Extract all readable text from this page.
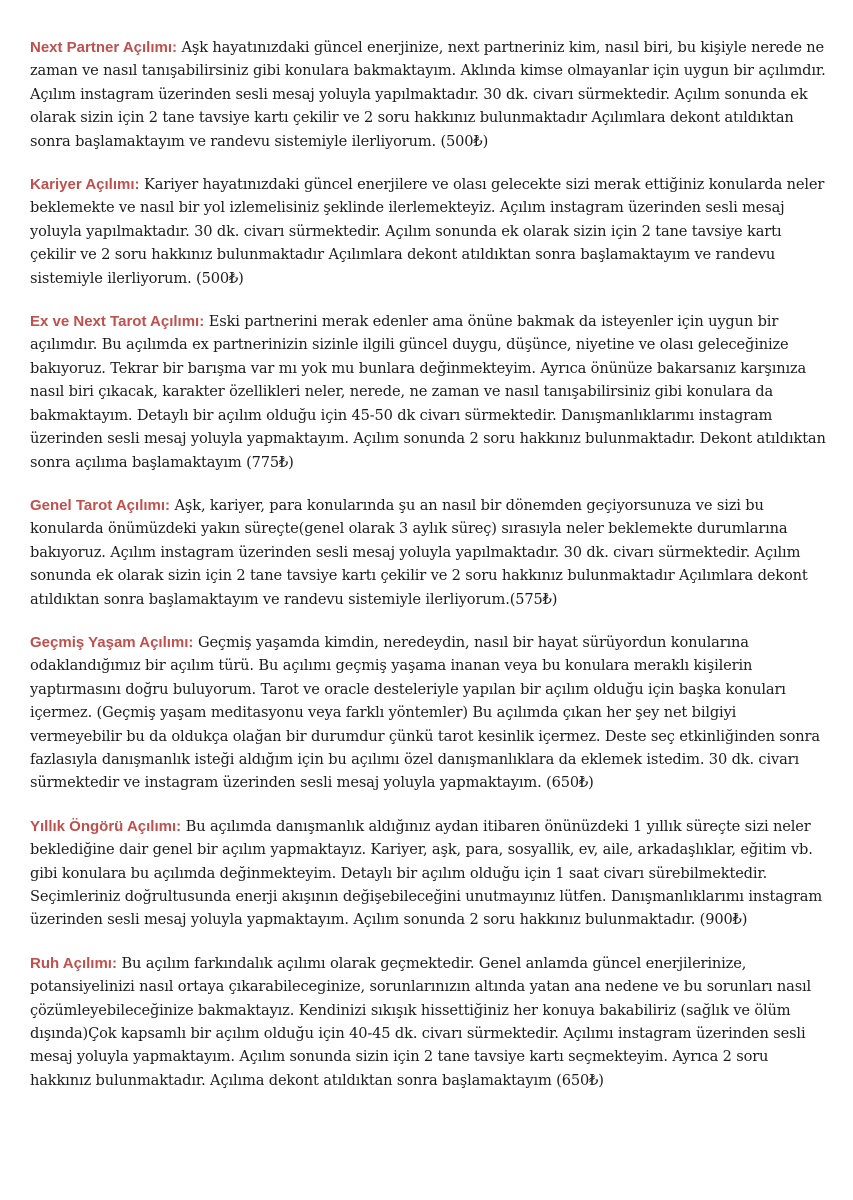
Next Partner Açılımı: Aşk hayatınızdaki güncel enerjinize, next partneriniz kim, nasıl biri, bu kişiyle nerede ne zaman ve nasıl tanışabilirsiniz gibi konulara bakmaktayım. Aklında kimse olmayanlar için uygun bir açılımdır. Açılım instagram üzerinden sesli mesaj yoluyla yapılmaktadır. 30 dk. civarı sürmektedir. Açılım sonunda ek olarak sizin için 2 tane tavsiye kartı çekilir ve 2 soru hakkınız bulunmaktadır Açılımlara dekont atıldıktan sonra başlamaktayım ve randevu sistemiyle ilerliyorum. (500₺)

Kariyer Açılımı: Kariyer hayatınızdaki güncel enerjilere ve olası gelecekte sizi merak ettiğiniz konularda neler beklemekte ve nasıl bir yol izlemelisiniz şeklinde ilerlemekteyiz. Açılım instagram üzerinden sesli mesaj yoluyla yapılmaktadır. 30 dk. civarı sürmektedir. Açılım sonunda ek olarak sizin için 2 tane tavsiye kartı çekilir ve 2 soru hakkınız bulunmaktadır Açılımlara dekont atıldıktan sonra başlamaktayım ve randevu sistemiyle ilerliyorum. (500₺)

Ex ve Next Tarot Açılımı: Eski partnerini merak edenler ama önüne bakmak da isteyenler için uygun bir açılımdır. Bu açılımda ex partnerinizin sizinle ilgili güncel duygu, düşünce, niyetine ve olası geleceğinize bakıyoruz. Tekrar bir barışma var mı yok mu bunlara değinmekteyim. Ayrıca önünüze bakarsanız karşınıza nasıl biri çıkacak, karakter özellikleri neler, nerede, ne zaman ve nasıl tanışabilirsiniz gibi konulara da bakmaktayım. Detaylı bir açılım olduğu için 45-50 dk civarı sürmektedir. Danışmanlıklarımı instagram üzerinden sesli mesaj yoluyla yapmaktayım. Açılım sonunda 2 soru hakkınız bulunmaktadır. Dekont atıldıktan sonra açılıma başlamaktayım (775₺)

Genel Tarot Açılımı: Aşk, kariyer, para konularında şu an nasıl bir dönemden geçiyorsunuza ve sizi bu konularda önümüzdeki yakın süreçte(genel olarak 3 aylık süreç) sırasıyla neler beklemekte durumlarına bakıyoruz. Açılım instagram üzerinden sesli mesaj yoluyla yapılmaktadır. 30 dk. civarı sürmektedir. Açılım sonunda ek olarak sizin için 2 tane tavsiye kartı çekilir ve 2 soru hakkınız bulunmaktadır Açılımlara dekont atıldıktan sonra başlamaktayım ve randevu sistemiyle ilerliyorum.(575₺)

Geçmiş Yaşam Açılımı: Geçmiş yaşamda kimdin, neredeydin, nasıl bir hayat sürüyordun konularına odaklandığımız bir açılım türü. Bu açılımı geçmiş yaşama inanan veya bu konulara meraklı kişilerin yaptırmasını doğru buluyorum. Tarot ve oracle desteleriyle yapılan bir açılım olduğu için başka konuları içermez. (Geçmiş yaşam meditasyonu veya farklı yöntemler) Bu açılımda çıkan her şey net bilgiyi vermeyebilir bu da oldukça olağan bir durumdur çünkü tarot kesinlik içermez. Deste seç etkinliğinden sonra fazlasıyla danışmanlık isteği aldığım için bu açılımı özel danışmanlıklara da eklemek istedim. 30 dk. civarı sürmektedir ve instagram üzerinden sesli mesaj yoluyla yapmaktayım. (650₺)

Yıllık Öngörü Açılımı: Bu açılımda danışmanlık aldığınız aydan itibaren önünüzdeki 1 yıllık süreçte sizi neler beklediğine dair genel bir açılım yapmaktayız. Kariyer, aşk, para, sosyallik, ev, aile, arkadaşlıklar, eğitim vb. gibi konulara bu açılımda değinmekteyim. Detaylı bir açılım olduğu için 1 saat civarı sürebilmektedir. Seçimleriniz doğrultusunda enerji akışının değişebileceğini unutmayınız lütfen. Danışmanlıklarımı instagram üzerinden sesli mesaj yoluyla yapmaktayım. Açılım sonunda 2 soru hakkınız bulunmaktadır. (900₺)

Ruh Açılımı: Bu açılım farkındalık açılımı olarak geçmektedir. Genel anlamda güncel enerjilerinize, potansiyelinizi nasıl ortaya çıkarabileceginize, sorunlarınızın altında yatan ana nedene ve bu sorunları nasıl çözümleyebileceğinize bakmaktayız. Kendinizi sıkışık hissettiğiniz her konuya bakabiliriz (sağlık ve ölüm dışında)Çok kapsamlı bir açılım olduğu için 40-45 dk. civarı sürmektedir. Açılımı instagram üzerinden sesli mesaj yoluyla yapmaktayım. Açılım sonunda sizin için 2 tane tavsiye kartı seçmekteyim. Ayrıca 2 soru hakkınız bulunmaktadır. Açılıma dekont atıldıktan sonra başlamaktayım (650₺)
